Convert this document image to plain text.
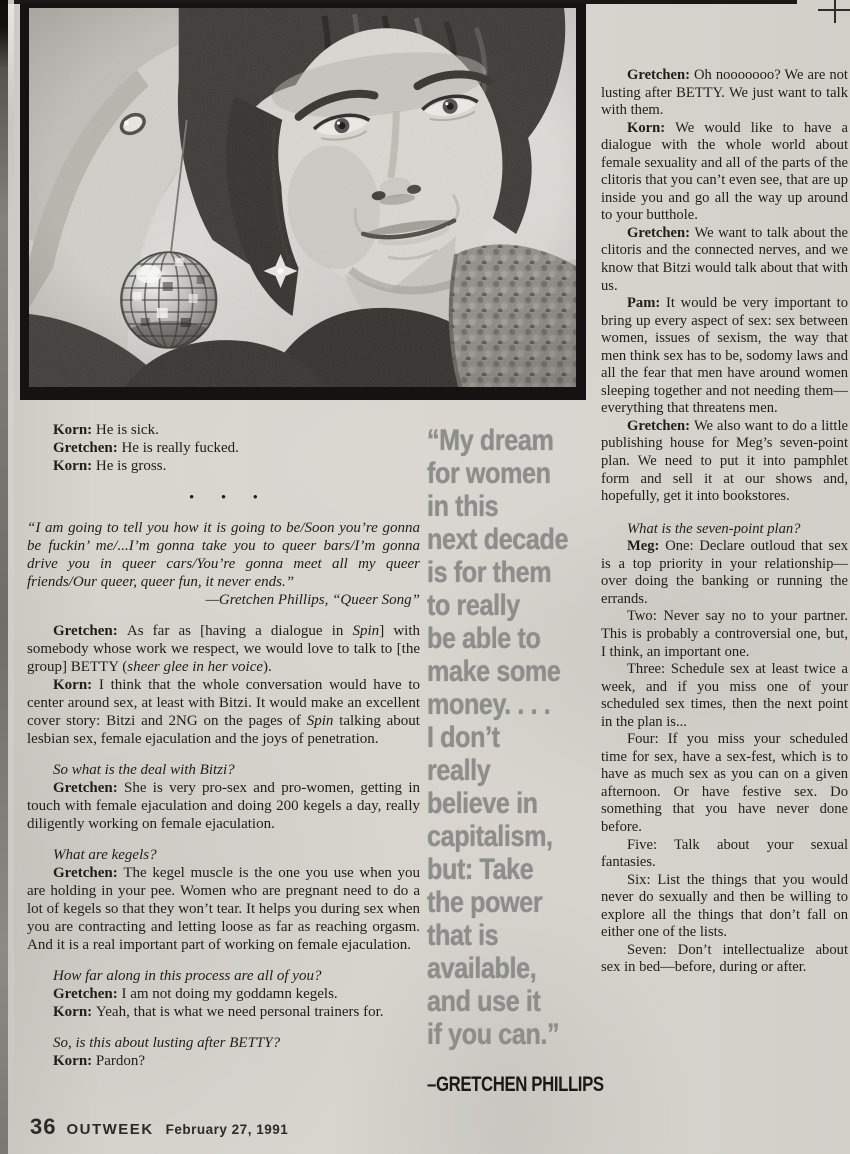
Korn: He is sick.

Gretchen: He is really fucked.

Korn: He is gross.

• • •

“I am going to tell you how it is going to be/Soon you’re gonna be fuckin’ me/...I’m gonna take you to queer bars/I’m gonna drive you in queer cars/You’re gonna meet all my queer friends/Our queer, queer fun, it never ends.”

—Gretchen Phillips, “Queer Song”

Gretchen: As far as [having a dialogue in Spin] with somebody whose work we respect, we would love to talk to [the group] BETTY (sheer glee in her voice).

Korn: I think that the whole conversation would have to center around sex, at least with Bitzi. It would make an excellent cover story: Bitzi and 2NG on the pages of Spin talking about lesbian sex, female ejaculation and the joys of penetration.

So what is the deal with Bitzi?

Gretchen: She is very pro-sex and pro-women, getting in touch with female ejaculation and doing 200 kegels a day, really diligently working on female ejaculation.

What are kegels?

Gretchen: The kegel muscle is the one you use when you are holding in your pee. Women who are pregnant need to do a lot of kegels so that they won’t tear. It helps you during sex when you are contracting and letting loose as far as reaching orgasm. And it is a real important part of working on female ejaculation.

How far along in this process are all of you?

Gretchen: I am not doing my goddamn kegels.

Korn: Yeah, that is what we need personal trainers for.

So, is this about lusting after BETTY?

Korn: Pardon?

“My dream
for women
in this
next decade
is for them
to really
be able to
make some
money. . . .
I don’t
really
believe in
capitalism,
but: Take
the power
that is
available,
and use it
if you can.”
–GRETCHEN PHILLIPS

Gretchen: Oh nooooooo? We are not lusting after BETTY. We just want to talk with them.

Korn: We would like to have a dialogue with the whole world about female sexuality and all of the parts of the clitoris that you can’t even see, that are up inside you and go all the way up around to your butthole.

Gretchen: We want to talk about the clitoris and the connected nerves, and we know that Bitzi would talk about that with us.

Pam: It would be very important to bring up every aspect of sex: sex between women, issues of sexism, the way that men think sex has to be, sodomy laws and all the fear that men have around women sleeping together and not needing them—everything that threatens men.

Gretchen: We also want to do a little publishing house for Meg’s seven-point plan. We need to put it into pamphlet form and sell it at our shows and, hopefully, get it into bookstores.

What is the seven-point plan?

Meg: One: Declare outloud that sex is a top priority in your relationship—over doing the banking or running the errands.

Two: Never say no to your partner. This is probably a controversial one, but, I think, an important one.

Three: Schedule sex at least twice a week, and if you miss one of your scheduled sex times, then the next point in the plan is...

Four: If you miss your scheduled time for sex, have a sex-fest, which is to have as much sex as you can on a given afternoon. Or have festive sex. Do something that you have never done before.

Five: Talk about your sexual fantasies.

Six: List the things that you would never do sexually and then be willing to explore all the things that don’t fall on either one of the lists.

Seven: Don’t intellectualize about sex in bed—before, during or after.

36 OUTWEEK February 27, 1991
